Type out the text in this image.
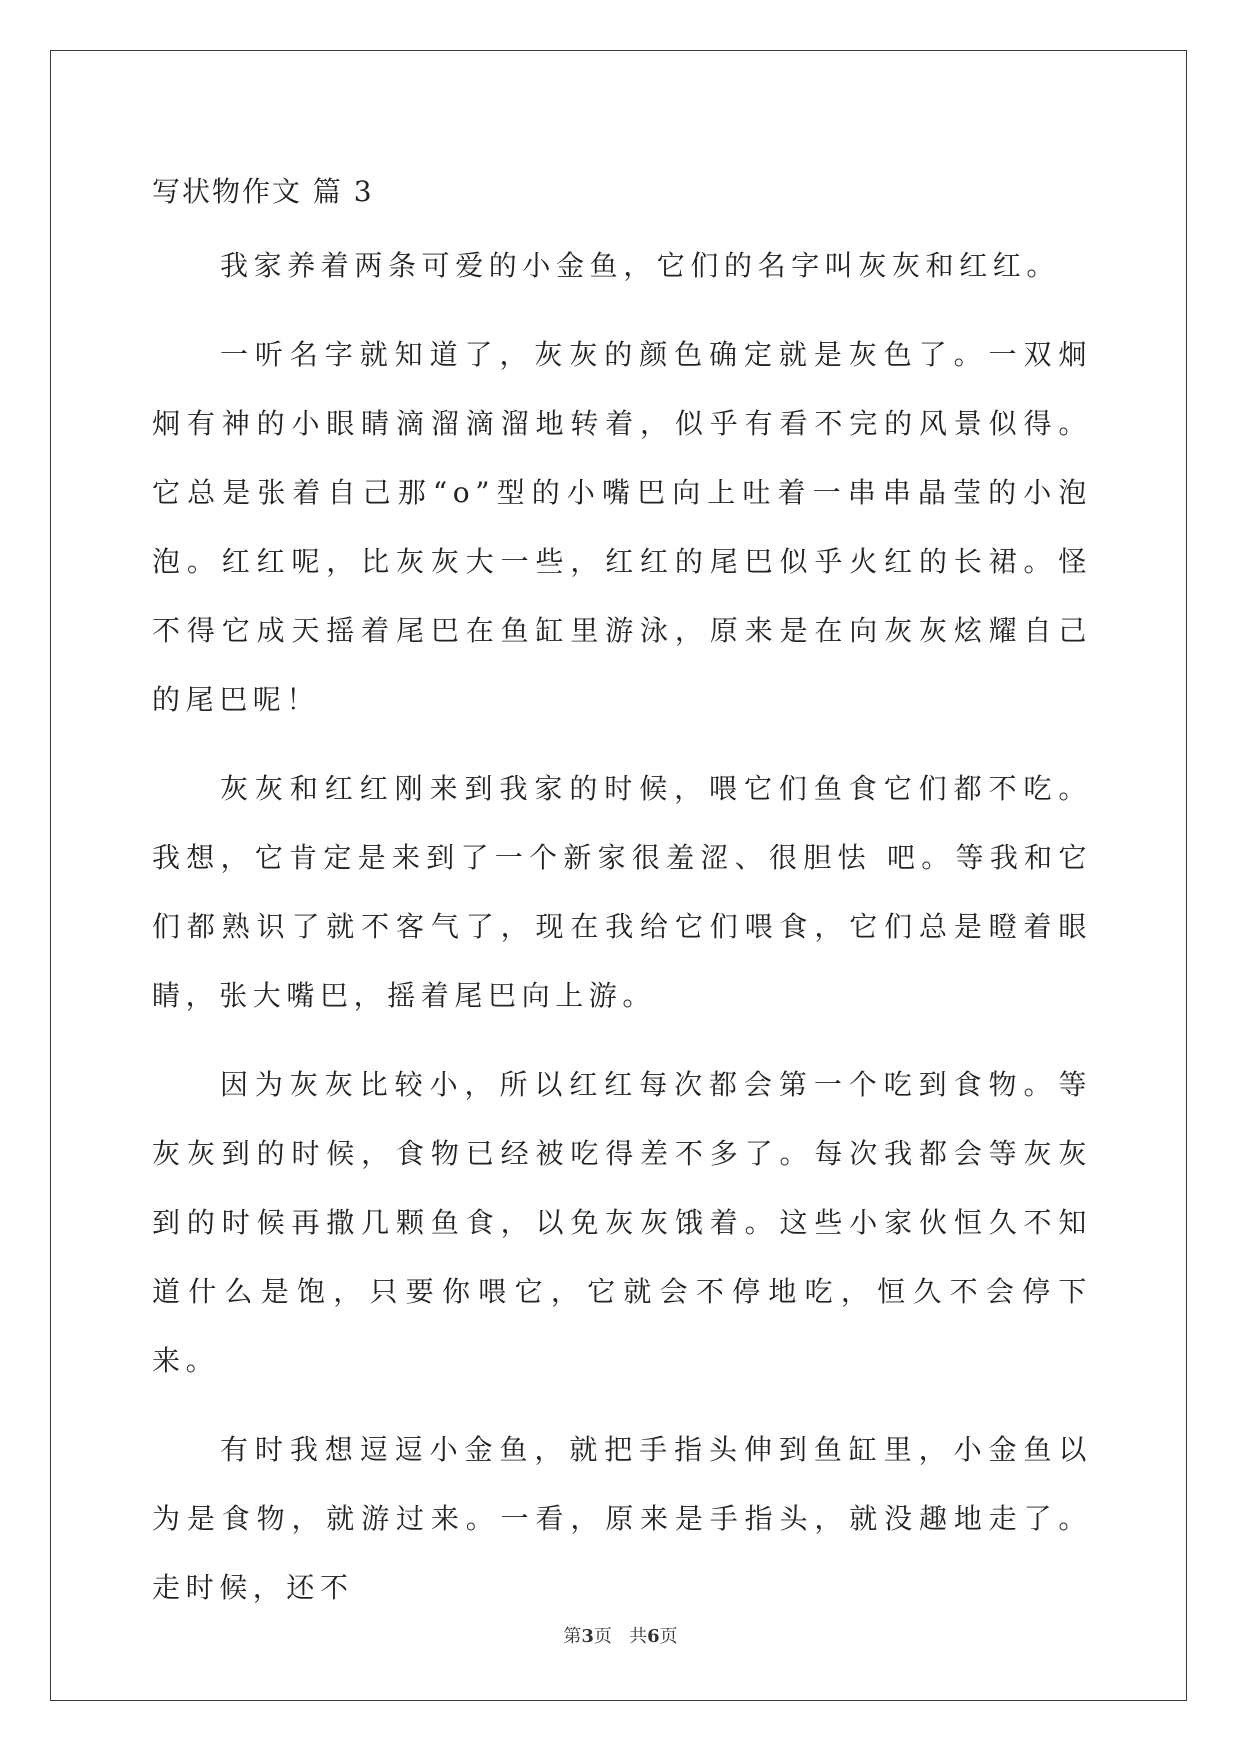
写状物作文 篇 3

我家养着两条可爱的小金鱼，它们的名字叫灰灰和红红。

一听名字就知道了，灰灰的颜色确定就是灰色了。一双炯炯有神的小眼睛滴溜滴溜地转着，似乎有看不完的风景似得。它总是张着自己那“o”型的小嘴巴向上吐着一串串晶莹的小泡泡。红红呢，比灰灰大一些，红红的尾巴似乎火红的长裙。怪不得它成天摇着尾巴在鱼缸里游泳，原来是在向灰灰炫耀自己的尾巴呢！

灰灰和红红刚来到我家的时候，喂它们鱼食它们都不吃。我想，它肯定是来到了一个新家很羞涩、很胆怯 吧。等我和它们都熟识了就不客气了，现在我给它们喂食，它们总是瞪着眼睛，张大嘴巴，摇着尾巴向上游。

因为灰灰比较小，所以红红每次都会第一个吃到食物。等灰灰到的时候，食物已经被吃得差不多了。每次我都会等灰灰到的时候再撒几颗鱼食，以免灰灰饿着。这些小家伙恒久不知道什么是饱，只要你喂它，它就会不停地吃，恒久不会停下来。

有时我想逗逗小金鱼，就把手指头伸到鱼缸里，小金鱼以为是食物，就游过来。一看，原来是手指头，就没趣地走了。走时候，还不

第3页   共6页
